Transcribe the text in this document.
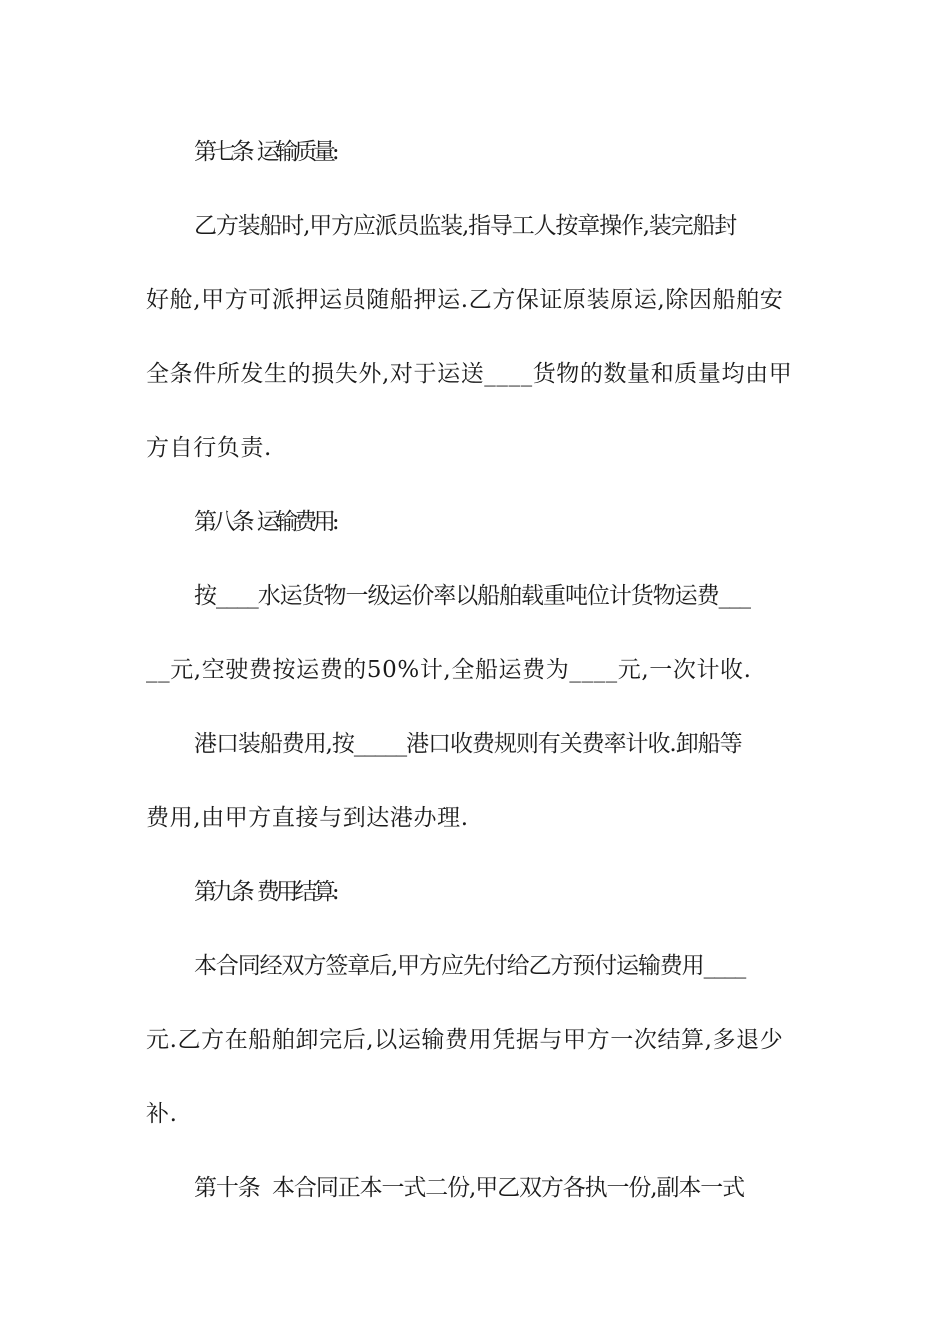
第七条  运输质量:
乙方装船时,甲方应派员监装,指导工人按章操作,装完船封
好舱,甲方可派押运员随船押运.乙方保证原装原运,除因船舶安
全条件所发生的损失外,对于运送____货物的数量和质量均由甲
方自行负责.
第八条  运输费用:
按____水运货物一级运价率以船舶载重吨位计货物运费___
__元,空驶费按运费的50%计,全船运费为____元,一次计收.
港口装船费用,按_____港口收费规则有关费率计收.卸船等
费用,由甲方直接与到达港办理.
第九条  费用结算:
本合同经双方签章后,甲方应先付给乙方预付运输费用____
元.乙方在船舶卸完后,以运输费用凭据与甲方一次结算,多退少
补.
第十条  本合同正本一式二份,甲乙双方各执一份,副本一式
